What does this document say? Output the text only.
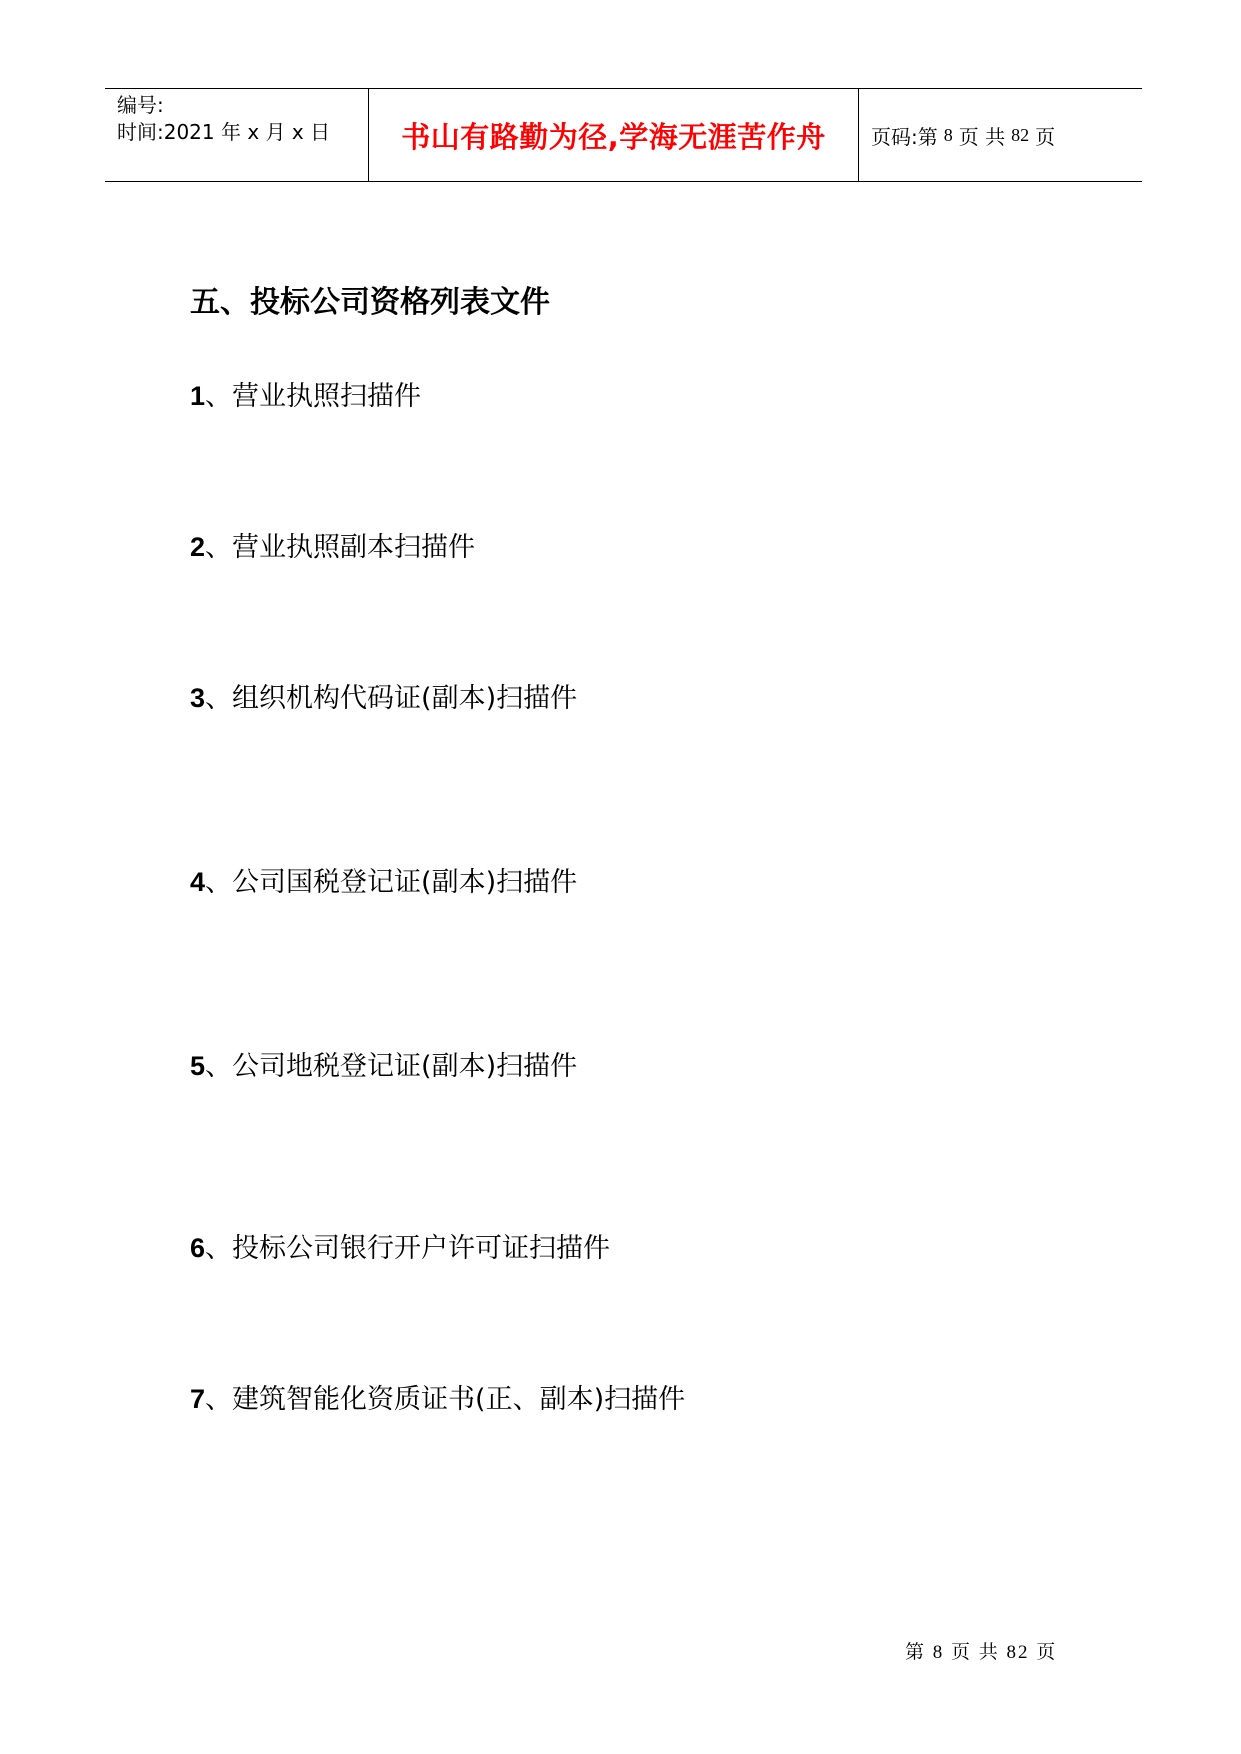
编号:
时间:2021 年 x 月 x 日	书山有路勤为径,学海无涯苦作舟	页码:第 8 页 共 82 页
五、投标公司资格列表文件
1、营业执照扫描件
2、营业执照副本扫描件
3、组织机构代码证(副本)扫描件
4、公司国税登记证(副本)扫描件
5、公司地税登记证(副本)扫描件
6、投标公司银行开户许可证扫描件
7、建筑智能化资质证书(正、副本)扫描件
第 8 页 共 82 页
